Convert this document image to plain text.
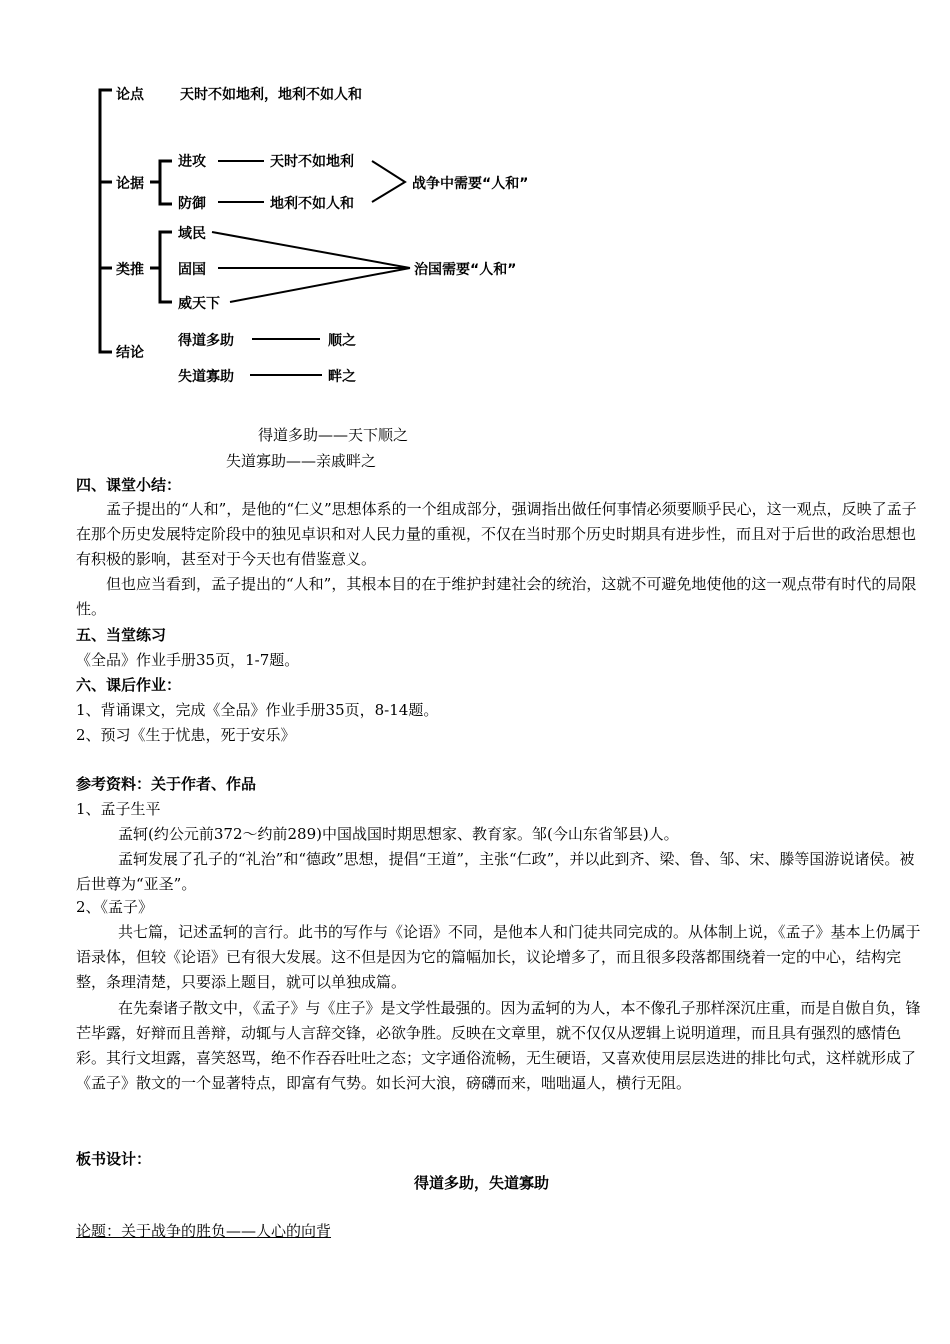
论点	天时不如地利，地利不如人和
论据
进攻	天时不如地利
防御	地利不如人和
战争中需要“人和”
类推
域民
固国
威天下
治国需要“人和”
结论
得道多助	顺之
失道寡助	畔之
得道多助——天下顺之
失道寡助——亲戚畔之
四、课堂小结：
孟子提出的“人和”，是他的“仁义”思想体系的一个组成部分，强调指出做任何事情必须要顺乎民心，这一观点，反映了孟子在那个历史发展特定阶段中的独见卓识和对人民力量的重视，不仅在当时那个历史时期具有进步性，而且对于后世的政治思想也有积极的影响，甚至对于今天也有借鉴意义。
但也应当看到，孟子提出的“人和”，其根本目的在于维护封建社会的统治，这就不可避免地使他的这一观点带有时代的局限性。
五、当堂练习
《全品》作业手册35页，1-7题。
六、课后作业：
1、背诵课文，完成《全品》作业手册35页，8-14题。
2、预习《生于忧患，死于安乐》
参考资料：关于作者、作品
1、孟子生平
孟轲(约公元前372～约前289)中国战国时期思想家、教育家。邹(今山东省邹县)人。
孟轲发展了孔子的“礼治”和“德政”思想，提倡“王道”，主张“仁政”，并以此到齐、梁、鲁、邹、宋、滕等国游说诸侯。被后世尊为“亚圣”。
2、《孟子》
共七篇，记述孟轲的言行。此书的写作与《论语》不同，是他本人和门徒共同完成的。从体制上说，《孟子》基本上仍属于语录体，但较《论语》已有很大发展。这不但是因为它的篇幅加长，议论增多了，而且很多段落都围绕着一定的中心，结构完整，条理清楚，只要添上题目，就可以单独成篇。
在先秦诸子散文中，《孟子》与《庄子》是文学性最强的。因为孟轲的为人，本不像孔子那样深沉庄重，而是自傲自负，锋芒毕露，好辩而且善辩，动辄与人言辞交锋，必欲争胜。反映在文章里，就不仅仅从逻辑上说明道理，而且具有强烈的感情色彩。其行文坦露，喜笑怒骂，绝不作吞吞吐吐之态；文字通俗流畅，无生硬语，又喜欢使用层层迭进的排比句式，这样就形成了《孟子》散文的一个显著特点，即富有气势。如长河大浪，磅礴而来，咄咄逼人，横行无阻。
板书设计：
得道多助，失道寡助
论题：关于战争的胜负——人心的向背
